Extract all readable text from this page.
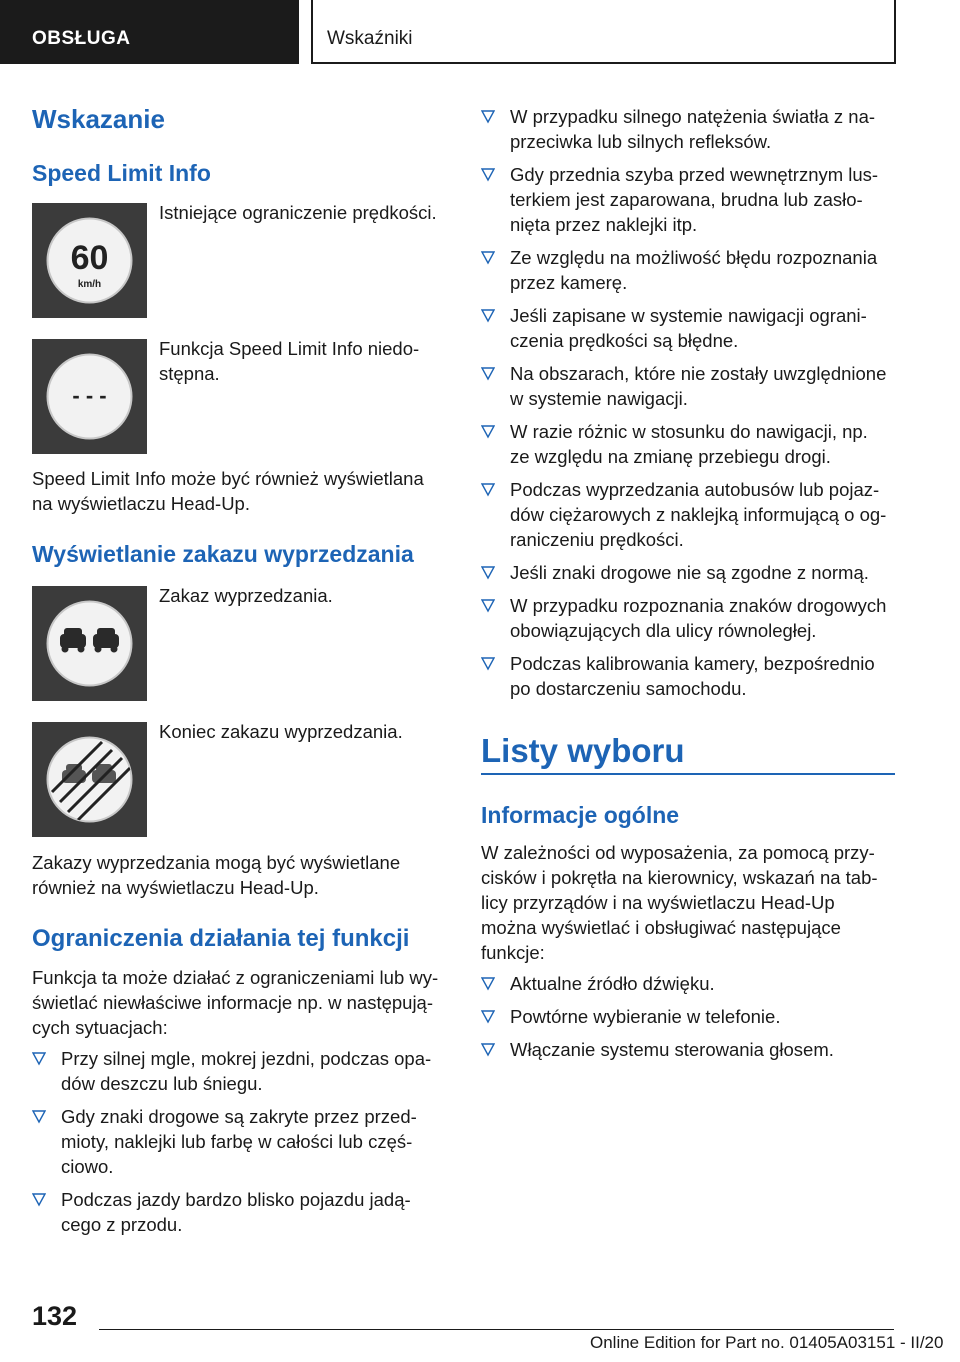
OBSŁUGA	Wskaźniki
Wskazanie
Speed Limit Info
60
km/h
Istniejące ograniczenie prędkości.
- - -
Funkcja Speed Limit Info niedo-
stępna.
Speed Limit Info może być również wyświetlana
na wyświetlaczu Head-Up.
Wyświetlanie zakazu wyprzedzania
Zakaz wyprzedzania.
Koniec zakazu wyprzedzania.
Zakazy wyprzedzania mogą być wyświetlane
również na wyświetlaczu Head-Up.
Ograniczenia działania tej funkcji
Funkcja ta może działać z ograniczeniami lub wy-
świetlać niewłaściwe informacje np. w następują-
cych sytuacjach:
Przy silnej mgle, mokrej jezdni, podczas opa-
dów deszczu lub śniegu.
Gdy znaki drogowe są zakryte przez przed-
mioty, naklejki lub farbę w całości lub częś-
ciowo.
Podczas jazdy bardzo blisko pojazdu jadą-
cego z przodu.
W przypadku silnego natężenia światła z na-
przeciwka lub silnych refleksów.
Gdy przednia szyba przed wewnętrznym lus-
terkiem jest zaparowana, brudna lub zasło-
nięta przez naklejki itp.
Ze względu na możliwość błędu rozpoznania
przez kamerę.
Jeśli zapisane w systemie nawigacji ograni-
czenia prędkości są błędne.
Na obszarach, które nie zostały uwzględnione
w systemie nawigacji.
W razie różnic w stosunku do nawigacji, np.
ze względu na zmianę przebiegu drogi.
Podczas wyprzedzania autobusów lub pojaz-
dów ciężarowych z naklejką informującą o og-
raniczeniu prędkości.
Jeśli znaki drogowe nie są zgodne z normą.
W przypadku rozpoznania znaków drogowych
obowiązujących dla ulicy równoległej.
Podczas kalibrowania kamery, bezpośrednio
po dostarczeniu samochodu.
Listy wyboru
Informacje ogólne
W zależności od wyposażenia, za pomocą przy-
cisków i pokrętła na kierownicy, wskazań na tab-
licy przyrządów i na wyświetlaczu Head-Up
można wyświetlać i obsługiwać następujące
funkcje:
Aktualne źródło dźwięku.
Powtórne wybieranie w telefonie.
Włączanie systemu sterowania głosem.
132
Online Edition for Part no. 01405A03151 - II/20
